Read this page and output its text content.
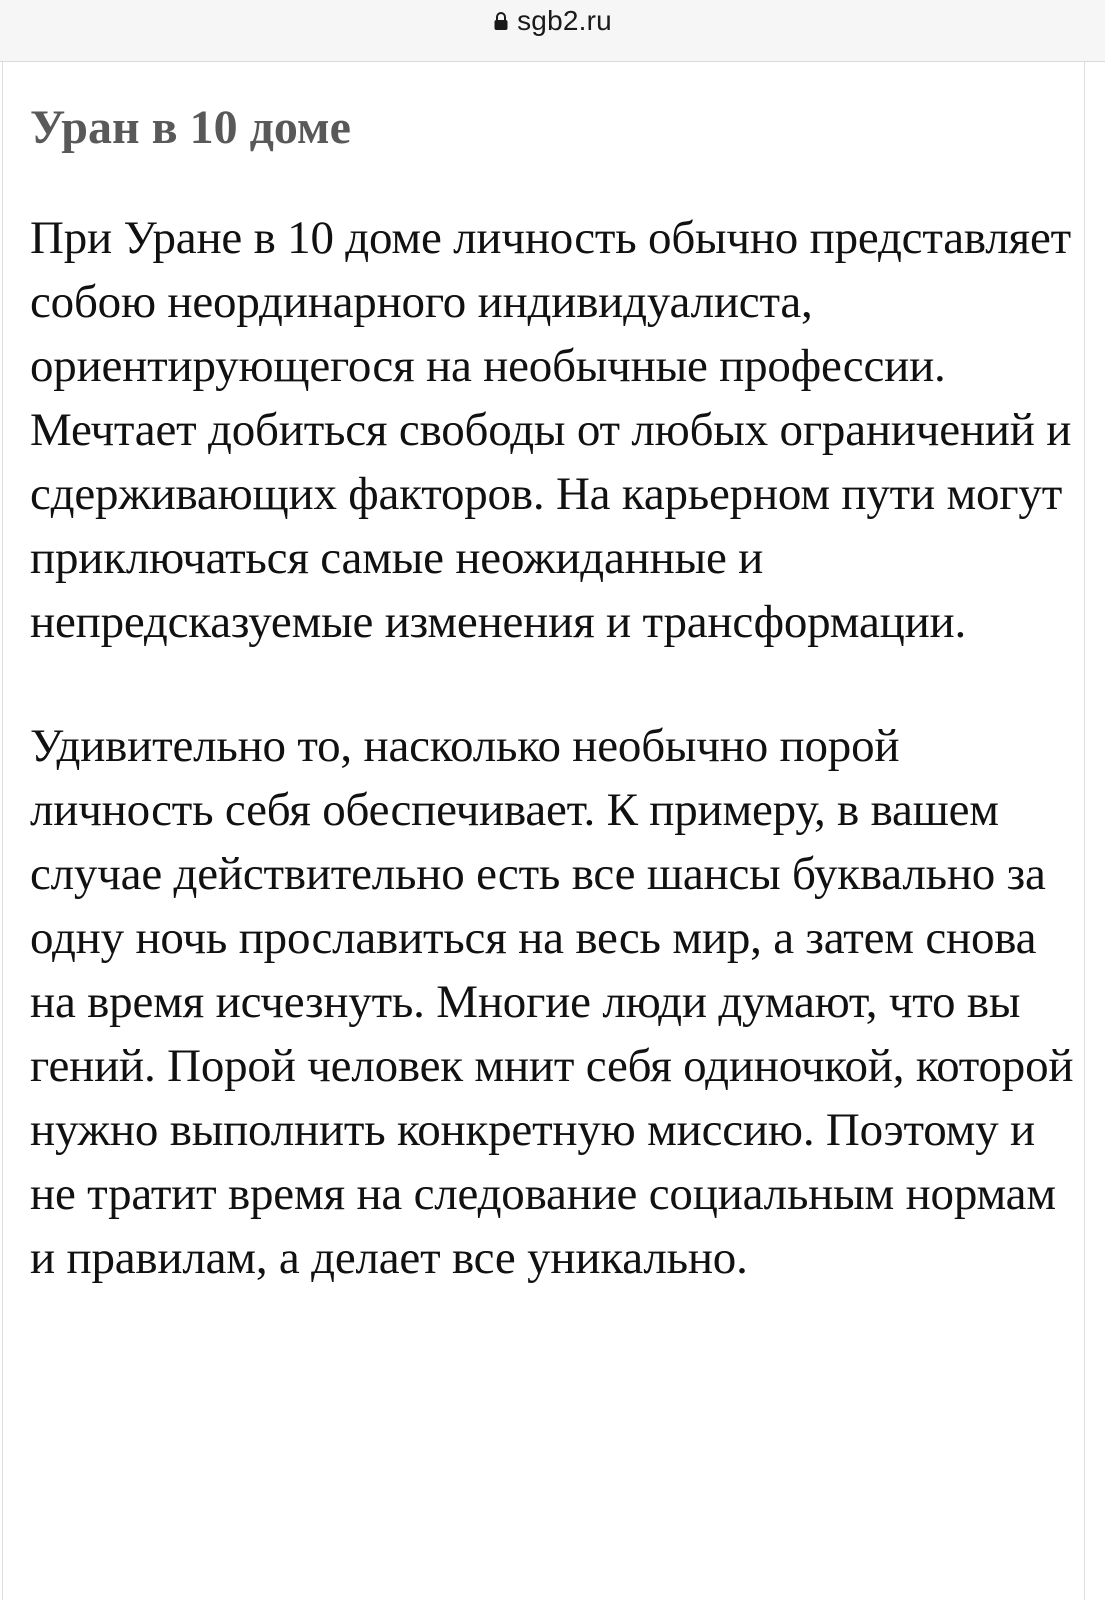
sgb2.ru
Уран в 10 доме

При Уране в 10 доме личность обычно представляет собою неординарного индивидуалиста, ориентирующегося на необычные профессии. Мечтает добиться свободы от любых ограничений и сдерживающих факторов. На карьерном пути могут приключаться самые неожиданные и непредсказуемые изменения и трансформации.

Удивительно то, насколько необычно порой личность себя обеспечивает. К примеру, в вашем случае действительно есть все шансы буквально за одну ночь прославиться на весь мир, а затем снова на время исчезнуть. Многие люди думают, что вы гений. Порой человек мнит себя одиночкой, которой нужно выполнить конкретную миссию. Поэтому и не тратит время на следование социальным нормам и правилам, а делает все уникально.
